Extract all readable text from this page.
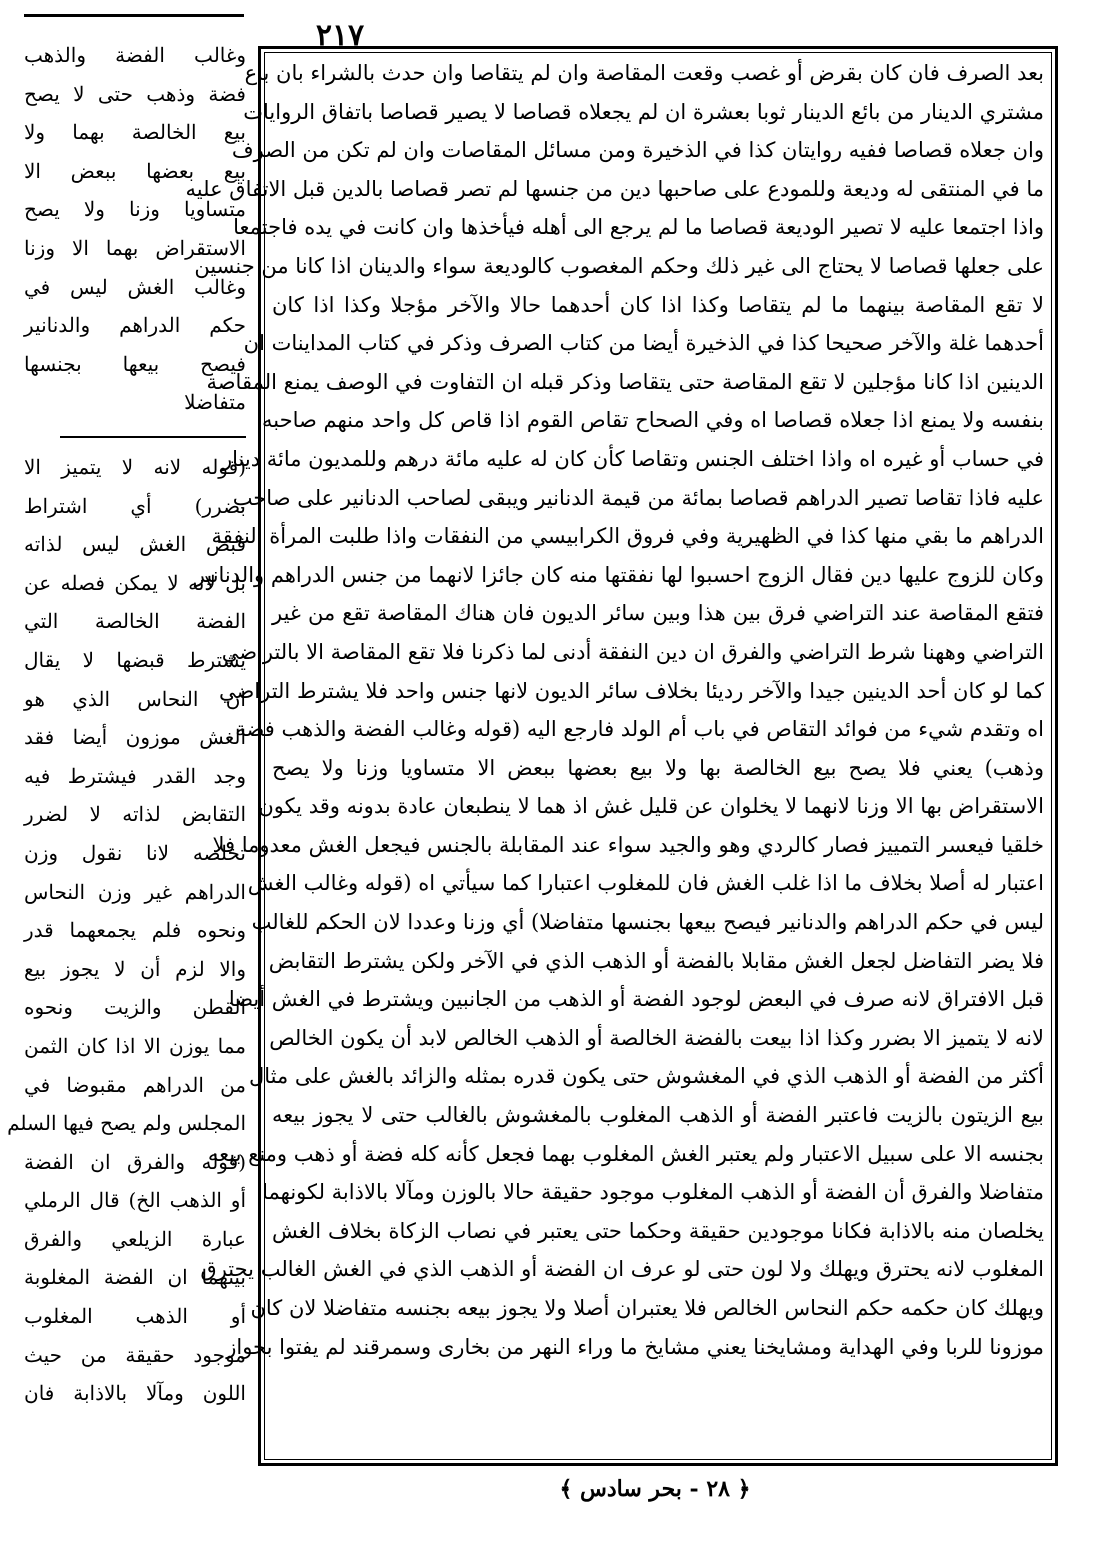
٢١٧
بعد الصرف فان كان بقرض أو غصب وقعت المقاصة وان لم يتقاصا وان حدث بالشراء بان باع
مشتري الدينار من بائع الدينار ثوبا بعشرة ان لم يجعلاه قصاصا لا يصير قصاصا باتفاق الروايات
وان جعلاه قصاصا ففيه روايتان كذا في الذخيرة ومن مسائل المقاصات وان لم تكن من الصرف
ما في المنتقى له وديعة وللمودع على صاحبها دين من جنسها لم تصر قصاصا بالدين قبل الاتفاق عليه
واذا اجتمعا عليه لا تصير الوديعة قصاصا ما لم يرجع الى أهله فيأخذها وان كانت في يده فاجتمعا
على جعلها قصاصا لا يحتاج الى غير ذلك وحكم المغصوب كالوديعة سواء والدينان اذا كانا من جنسين
لا تقع المقاصة بينهما ما لم يتقاصا وكذا اذا كان أحدهما حالا والآخر مؤجلا وكذا اذا كان
أحدهما غلة والآخر صحيحا كذا في الذخيرة أيضا من كتاب الصرف وذكر في كتاب المداينات ان
الدينين اذا كانا مؤجلين لا تقع المقاصة حتى يتقاصا وذكر قبله ان التفاوت في الوصف يمنع المقاصة
بنفسه ولا يمنع اذا جعلاه قصاصا اه وفي الصحاح تقاص القوم اذا قاص كل واحد منهم صاحبه
في حساب أو غيره اه واذا اختلف الجنس وتقاصا كأن كان له عليه مائة درهم وللمديون مائة دينار
عليه فاذا تقاصا تصير الدراهم قصاصا بمائة من قيمة الدنانير ويبقى لصاحب الدنانير على صاحب
الدراهم ما بقي منها كذا في الظهيرية وفي فروق الكرابيسي من النفقات واذا طلبت المرأة النفقة
وكان للزوج عليها دين فقال الزوج احسبوا لها نفقتها منه كان جائزا لانهما من جنس الدراهم والدنانير
فتقع المقاصة عند التراضي فرق بين هذا وبين سائر الديون فان هناك المقاصة تقع من غير
التراضي وههنا شرط التراضي والفرق ان دين النفقة أدنى لما ذكرنا فلا تقع المقاصة الا بالتراضي
كما لو كان أحد الدينين جيدا والآخر رديئا بخلاف سائر الديون لانها جنس واحد فلا يشترط التراضي
اه وتقدم شيء من فوائد التقاص في باب أم الولد فارجع اليه (قوله وغالب الفضة والذهب فضة
وذهب) يعني فلا يصح بيع الخالصة بها ولا بيع بعضها ببعض الا متساويا وزنا ولا يصح
الاستقراض بها الا وزنا لانهما لا يخلوان عن قليل غش اذ هما لا ينطبعان عادة بدونه وقد يكون
خلقيا فيعسر التمييز فصار كالردي وهو والجيد سواء عند المقابلة بالجنس فيجعل الغش معدوما فلا
اعتبار له أصلا بخلاف ما اذا غلب الغش فان للمغلوب اعتبارا كما سيأتي اه (قوله وغالب الغش
ليس في حكم الدراهم والدنانير فيصح بيعها بجنسها متفاضلا) أي وزنا وعددا لان الحكم للغالب
فلا يضر التفاضل لجعل الغش مقابلا بالفضة أو الذهب الذي في الآخر ولكن يشترط التقابض
قبل الافتراق لانه صرف في البعض لوجود الفضة أو الذهب من الجانبين ويشترط في الغش أيضا
لانه لا يتميز الا بضرر وكذا اذا بيعت بالفضة الخالصة أو الذهب الخالص لابد أن يكون الخالص
أكثر من الفضة أو الذهب الذي في المغشوش حتى يكون قدره بمثله والزائد بالغش على مثال
بيع الزيتون بالزيت فاعتبر الفضة أو الذهب المغلوب بالمغشوش بالغالب حتى لا يجوز بيعه
بجنسه الا على سبيل الاعتبار ولم يعتبر الغش المغلوب بهما فجعل كأنه كله فضة أو ذهب ومنع بيعه
متفاضلا والفرق أن الفضة أو الذهب المغلوب موجود حقيقة حالا بالوزن ومآلا بالاذابة لكونهما
يخلصان منه بالاذابة فكانا موجودين حقيقة وحكما حتى يعتبر في نصاب الزكاة بخلاف الغش
المغلوب لانه يحترق ويهلك ولا لون حتى لو عرف ان الفضة أو الذهب الذي في الغش الغالب يحترق
ويهلك كان حكمه حكم النحاس الخالص فلا يعتبران أصلا ولا يجوز بيعه بجنسه متفاضلا لان كان
موزونا للربا وفي الهداية ومشايخنا يعني مشايخ ما وراء النهر من بخارى وسمرقند لم يفتوا بجواز
وغالب الفضة والذهب
فضة وذهب حتى لا يصح
بيع الخالصة بهما ولا
بيع بعضها ببعض الا
متساويا وزنا ولا يصح
الاستقراض بهما الا وزنا
وغالب الغش ليس في
حكم الدراهم والدنانير
فيصح بيعها بجنسها
متفاضلا
(قوله لانه لا يتميز الا
بضرر) أي اشتراط
قبض الغش ليس لذاته
بل لانه لا يمكن فصله عن
الفضة الخالصة التي
يشترط قبضها لا يقال
ان النحاس الذي هو
الغش موزون أيضا فقد
وجد القدر فيشترط فيه
التقابض لذاته لا لضرر
تخلصه لانا نقول وزن
الدراهم غير وزن النحاس
ونحوه فلم يجمعهما قدر
والا لزم أن لا يجوز بيع
القطن والزيت ونحوه
مما يوزن الا اذا كان الثمن
من الدراهم مقبوضا في
المجلس ولم يصح فيها السلم
(قوله والفرق ان الفضة
أو الذهب الخ) قال الرملي
عبارة الزيلعي والفرق
بينهما ان الفضة المغلوبة
أو الذهب المغلوب
موجود حقيقة من حيث
اللون ومآلا بالاذابة فان
﴿ ٢٨ - بحر سادس ﴾
